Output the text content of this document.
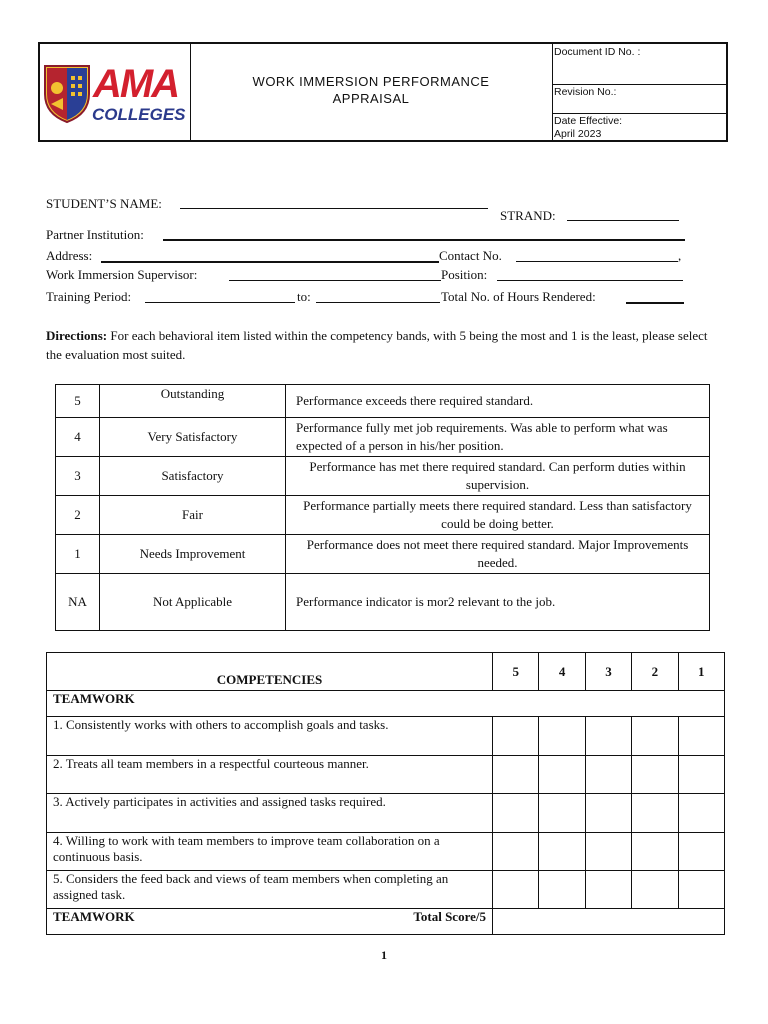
AMA
COLLEGES
WORK IMMERSION PERFORMANCE
APPRAISAL
Document ID No. :
Revision No.:
Date Effective:
April 2023
STUDENT’S NAME:
STRAND:
Partner Institution:
Address:	Contact No.	,
Work Immersion Supervisor:	Position:
Training Period:	to:	Total No. of Hours Rendered:
Directions: For each behavioral item listed within the competency bands, with 5 being the most and 1 is the least, please select the evaluation most suited.
5	Outstanding	Performance exceeds there required standard.
4	Very Satisfactory	Performance fully met job requirements. Was able to perform what was expected of a person in his/her position.
3	Satisfactory	Performance has met there required standard. Can perform duties within supervision.
2	Fair	Performance partially meets there required standard. Less than satisfactory could be doing better.
1	Needs Improvement	Performance does not meet there required standard. Major Improvements needed.
NA	Not Applicable	Performance indicator is mor2 relevant to the job.
COMPETENCIES	5	4	3	2	1
TEAMWORK					
1. Consistently works with others to accomplish goals and tasks.					
2. Treats all team members in a respectful courteous manner.					
3. Actively participates in activities and assigned tasks required.					
4. Willing to work with team members to improve team collaboration on a continuous basis.					
5. Considers the feed back and views of team members when completing an assigned task.					
TEAMWORK Total Score/5					

1
